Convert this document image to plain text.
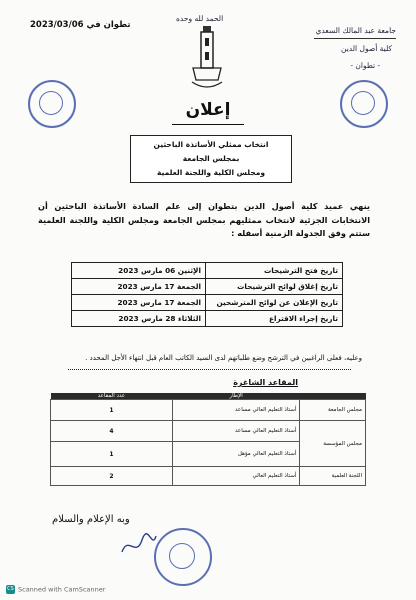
تطوان في 2023/03/06
الحمد لله وحده
جامعة عبد المالك السعدي
كلية أصول الدين
- تطوان -
إعلان
انتخاب ممثلي الأساتذة الباحثين
بمجلس الجامعة
ومجلس الكلية واللجنة العلمية
ينهي عميد كلية أصول الدين بتطوان إلى علم السادة الأساتذة الباحثين أن الانتخابات الجزئية لانتخاب ممثليهم بمجلس الجامعة ومجلس الكلية واللجنة العلمية ستتم وفق الجدولة الزمنية أسفله :
تاريخ فتح الترشيحات	الإثنين 06 مارس 2023
تاريخ إغلاق لوائح الترشيحات	الجمعة 17 مارس 2023
تاريخ الإعلان عن لوائح المترشحين	الجمعة 17 مارس 2023
تاريخ إجراء الاقتراع	الثلاثاء 28 مارس 2023
وعليه، فعلى الراغبين في الترشح وضع طلباتهم لدى السيد الكاتب العام قبل انتهاء الأجل المحدد .
المقاعد الشاغرة
	الإطار	عدد المقاعد
مجلس الجامعة	أستاذ التعليم العالي مساعد	1
مجلس المؤسسة	أستاذ التعليم العالي مساعد	4
	أستاذ التعليم العالي مؤهل	1
اللجنة العلمية	أستاذ التعليم العالي	2
وبه الإعلام والسلام
CS Scanned with CamScanner
